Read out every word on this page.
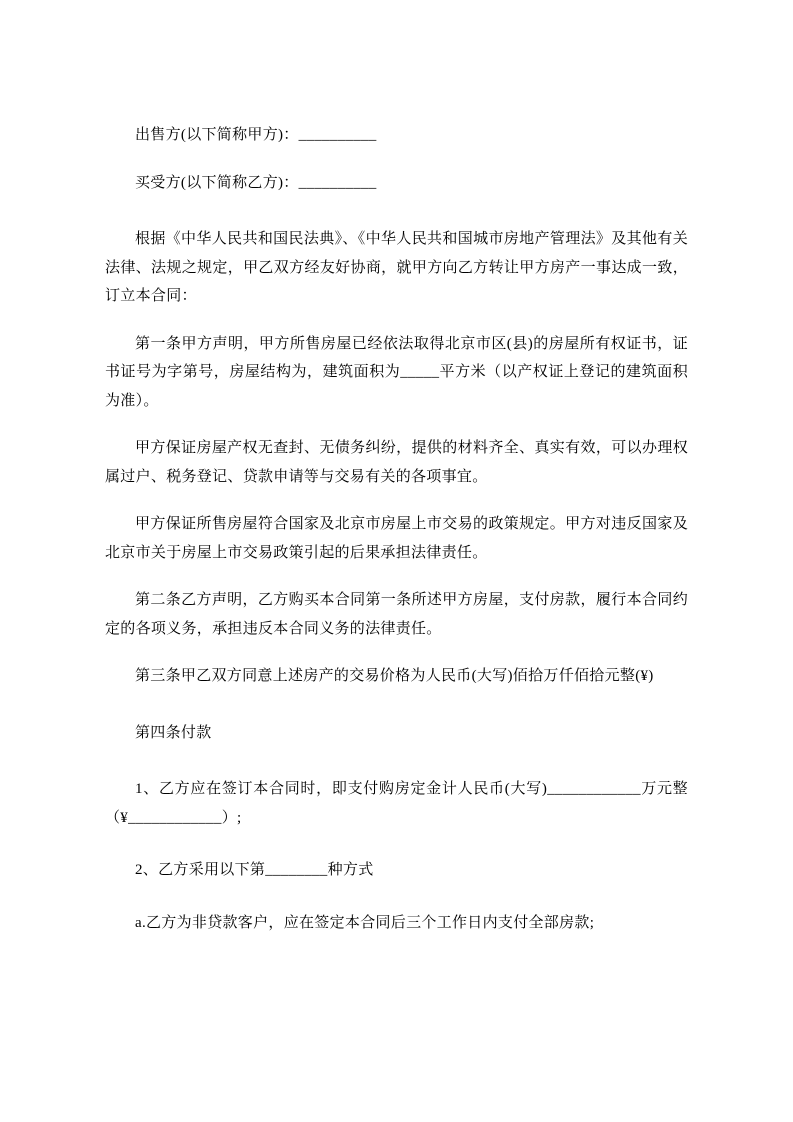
出售方(以下简称甲方)：__________

买受方(以下简称乙方)：__________

根据《中华人民共和国民法典》、《中华人民共和国城市房地产管理法》及其他有关法律、法规之规定，甲乙双方经友好协商，就甲方向乙方转让甲方房产一事达成一致，订立本合同：

第一条甲方声明，甲方所售房屋已经依法取得北京市区(县)的房屋所有权证书，证书证号为字第号，房屋结构为，建筑面积为_____平方米（以产权证上登记的建筑面积为准）。

甲方保证房屋产权无查封、无债务纠纷，提供的材料齐全、真实有效，可以办理权属过户、税务登记、贷款申请等与交易有关的各项事宜。

甲方保证所售房屋符合国家及北京市房屋上市交易的政策规定。甲方对违反国家及北京市关于房屋上市交易政策引起的后果承担法律责任。

第二条乙方声明，乙方购买本合同第一条所述甲方房屋，支付房款，履行本合同约定的各项义务，承担违反本合同义务的法律责任。

第三条甲乙双方同意上述房产的交易价格为人民币(大写)佰拾万仟佰拾元整(¥)

第四条付款

1、乙方应在签订本合同时，即支付购房定金计人民币(大写)____________万元整（¥____________）;

2、乙方采用以下第________种方式

a.乙方为非贷款客户，应在签定本合同后三个工作日内支付全部房款;
